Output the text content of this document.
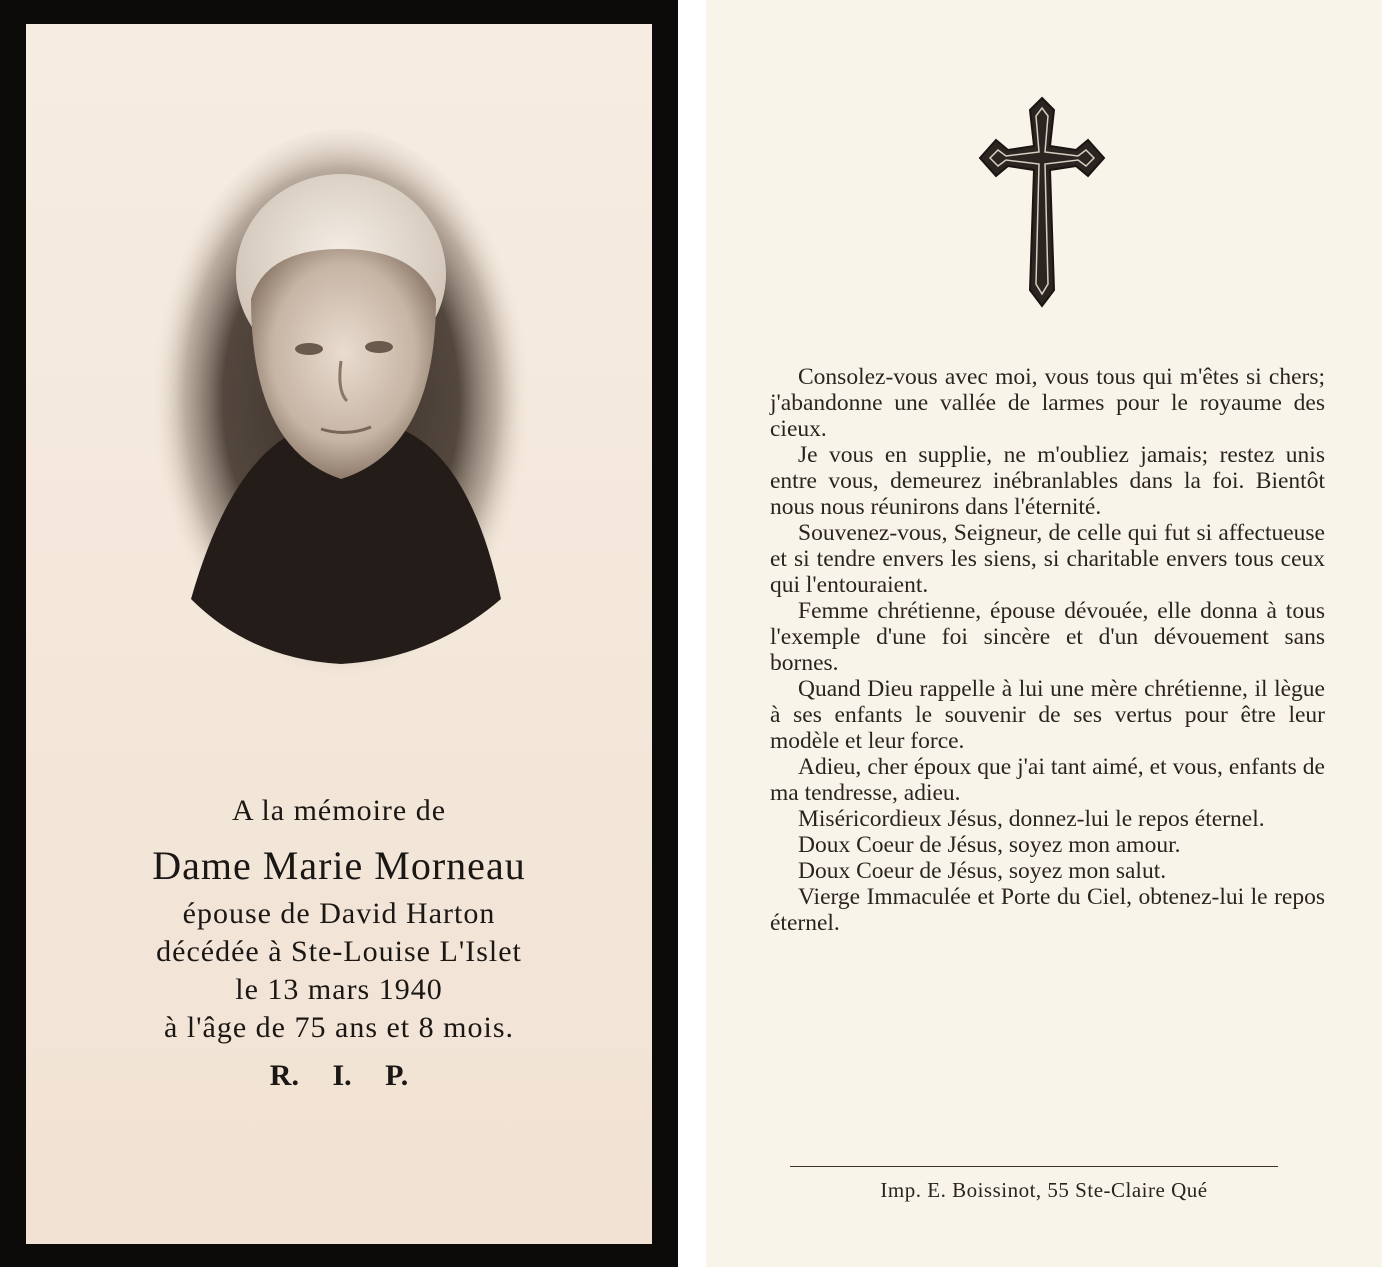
A la mémoire de
Dame Marie Morneau
épouse de David Harton
décédée à Ste-Louise L'Islet
le 13 mars 1940
à l'âge de 75 ans et 8 mois.
R. I. P.

Consolez-vous avec moi, vous tous qui m'êtes si chers; j'abandonne une vallée de larmes pour le royaume des cieux.

Je vous en supplie, ne m'oubliez jamais; restez unis entre vous, demeurez inébranlables dans la foi. Bientôt nous nous réunirons dans l'éternité.

Souvenez-vous, Seigneur, de celle qui fut si affectueuse et si tendre envers les siens, si charitable envers tous ceux qui l'entouraient.

Femme chrétienne, épouse dévouée, elle donna à tous l'exemple d'une foi sincère et d'un dévouement sans bornes.

Quand Dieu rappelle à lui une mère chrétienne, il lègue à ses enfants le souvenir de ses vertus pour être leur modèle et leur force.

Adieu, cher époux que j'ai tant aimé, et vous, enfants de ma tendresse, adieu.

Miséricordieux Jésus, donnez-lui le repos éternel.

Doux Coeur de Jésus, soyez mon amour.

Doux Coeur de Jésus, soyez mon salut.

Vierge Immaculée et Porte du Ciel, obtenez-lui le repos éternel.

Imp. E. Boissinot, 55 Ste-Claire Qué
